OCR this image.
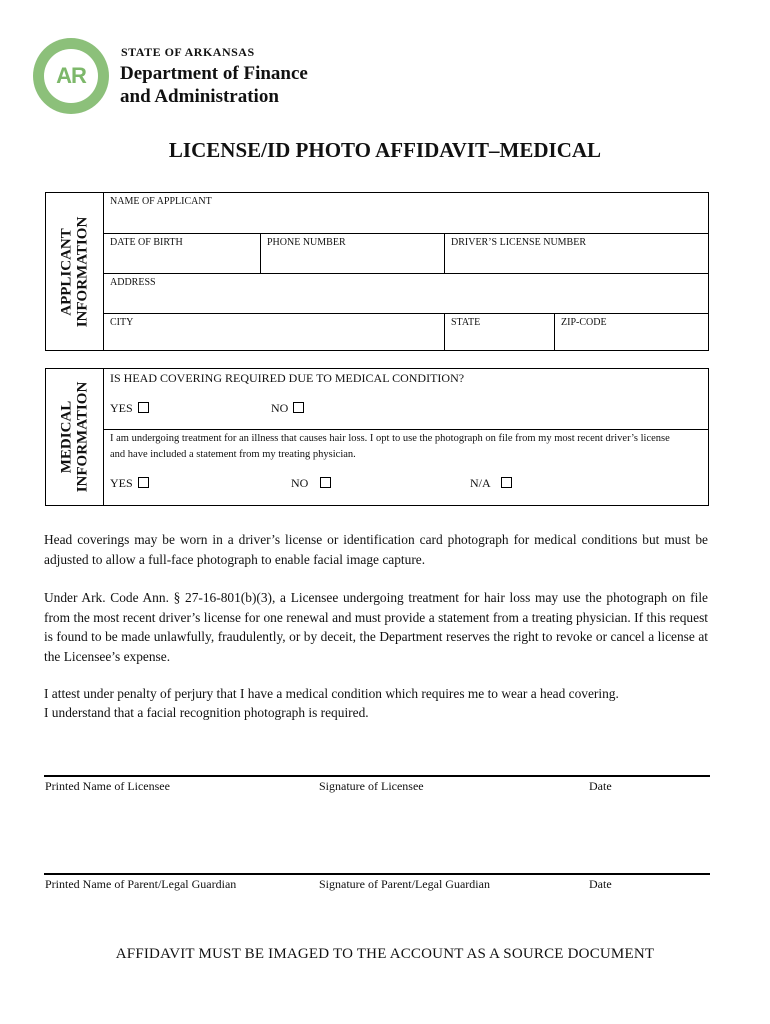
AR
STATE OF ARKANSAS
Department of Finance
and Administration
LICENSE/ID PHOTO AFFIDAVIT–MEDICAL
APPLICANT INFORMATION
NAME OF APPLICANT
DATE OF BIRTH	PHONE NUMBER	DRIVER’S LICENSE NUMBER
ADDRESS
CITY	STATE	ZIP-CODE
MEDICAL INFORMATION
IS HEAD COVERING REQUIRED DUE TO MEDICAL CONDITION?
YES	NO
I am undergoing treatment for an illness that causes hair loss. I opt to use the photograph on file from my most recent driver’s license and have included a statement from my treating physician.
YES	NO	N/A
Head coverings may be worn in a driver’s license or identification card photograph for medical conditions but must be adjusted to allow a full-face photograph to enable facial image capture.
Under Ark. Code Ann. § 27-16-801(b)(3), a Licensee undergoing treatment for hair loss may use the photograph on file from the most recent driver’s license for one renewal and must provide a statement from a treating physician. If this request is found to be made unlawfully, fraudulently, or by deceit, the Department reserves the right to revoke or cancel a license at the Licensee’s expense.
I attest under penalty of perjury that I have a medical condition which requires me to wear a head covering.
I understand that a facial recognition photograph is required.
Printed Name of Licensee	Signature of Licensee	Date
Printed Name of Parent/Legal Guardian	Signature of Parent/Legal Guardian	Date
AFFIDAVIT MUST BE IMAGED TO THE ACCOUNT AS A SOURCE DOCUMENT
